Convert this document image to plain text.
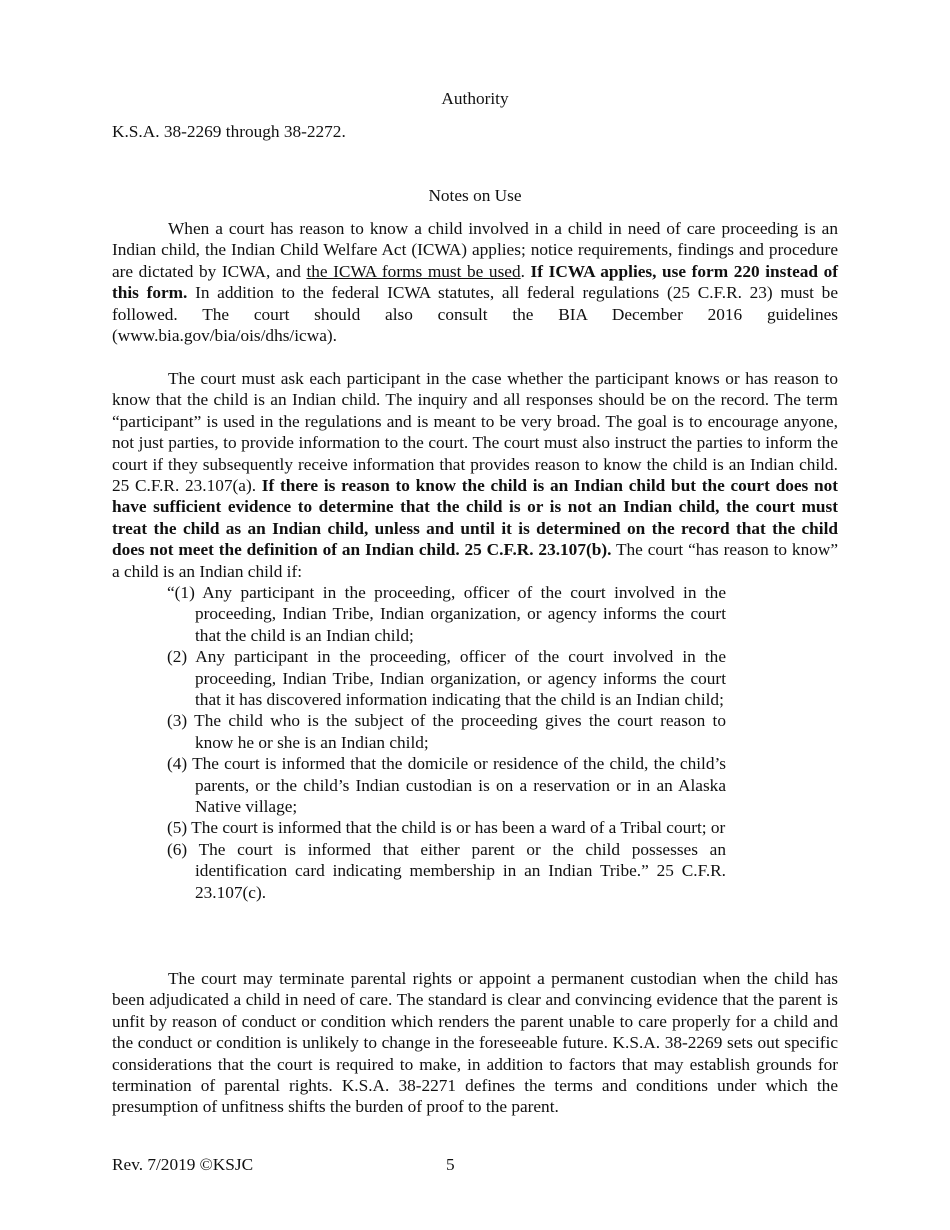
Authority

K.S.A. 38-2269 through 38-2272.

Notes on Use

When a court has reason to know a child involved in a child in need of care proceeding is an Indian child, the Indian Child Welfare Act (ICWA) applies; notice requirements, findings and procedure are dictated by ICWA, and the ICWA forms must be used. If ICWA applies, use form 220 instead of this form. In addition to the federal ICWA statutes, all federal regulations (25 C.F.R. 23) must be followed. The court should also consult the BIA December 2016 guidelines (www.bia.gov/bia/ois/dhs/icwa).

The court must ask each participant in the case whether the participant knows or has reason to know that the child is an Indian child. The inquiry and all responses should be on the record. The term “participant” is used in the regulations and is meant to be very broad. The goal is to encourage anyone, not just parties, to provide information to the court. The court must also instruct the parties to inform the court if they subsequently receive information that provides reason to know the child is an Indian child. 25 C.F.R. 23.107(a). If there is reason to know the child is an Indian child but the court does not have sufficient evidence to determine that the child is or is not an Indian child, the court must treat the child as an Indian child, unless and until it is determined on the record that the child does not meet the definition of an Indian child. 25 C.F.R. 23.107(b). The court “has reason to know” a child is an Indian child if:

“(1) Any participant in the proceeding, officer of the court involved in the proceeding, Indian Tribe, Indian organization, or agency informs the court that the child is an Indian child;
(2) Any participant in the proceeding, officer of the court involved in the proceeding, Indian Tribe, Indian organization, or agency informs the court that it has discovered information indicating that the child is an Indian child;
(3) The child who is the subject of the proceeding gives the court reason to know he or she is an Indian child;
(4) The court is informed that the domicile or residence of the child, the child’s parents, or the child’s Indian custodian is on a reservation or in an Alaska Native village;
(5) The court is informed that the child is or has been a ward of a Tribal court; or
(6) The court is informed that either parent or the child possesses an identification card indicating membership in an Indian Tribe.” 25 C.F.R. 23.107(c).

The court may terminate parental rights or appoint a permanent custodian when the child has been adjudicated a child in need of care. The standard is clear and convincing evidence that the parent is unfit by reason of conduct or condition which renders the parent unable to care properly for a child and the conduct or condition is unlikely to change in the foreseeable future. K.S.A. 38-2269 sets out specific considerations that the court is required to make, in addition to factors that may establish grounds for termination of parental rights. K.S.A. 38-2271 defines the terms and conditions under which the presumption of unfitness shifts the burden of proof to the parent.

Rev. 7/2019 ©KSJC	5
